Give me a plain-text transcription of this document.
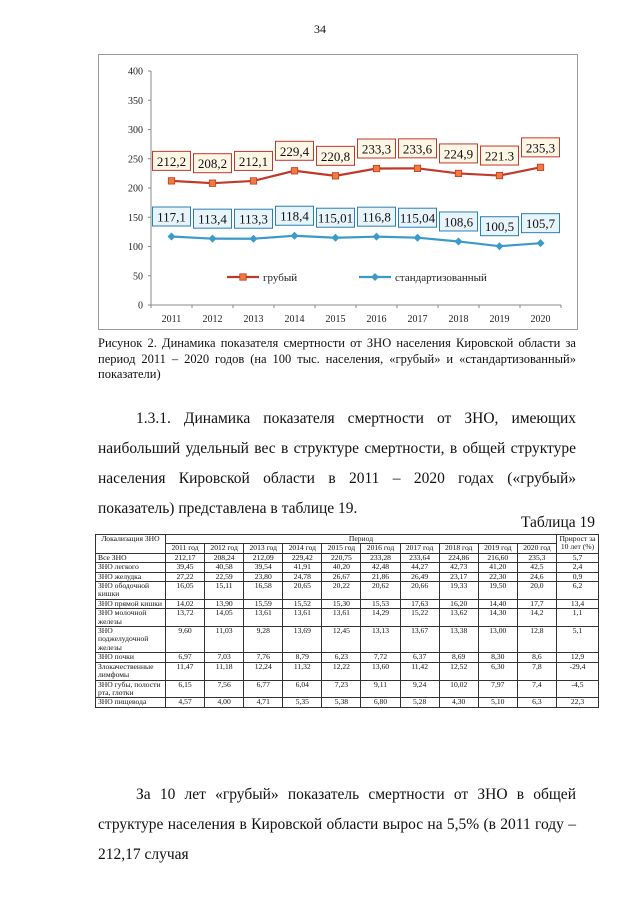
34
0
50
100
150
200
250
300
350
400
2011 2012 2013 2014 2015 2016 2017 2018 2019 2020
212,2 208,2 212,1
229,4 220,8 233,3 233,6 224,9 221.3
235,3
117,1 113,4 113,3 118,4 115,01 116,8 115,04 108,6 100,5 105,7
грубый	стандартизованный
Рисунок 2. Динамика показателя смертности от ЗНО населения Кировской области за период 2011 – 2020 годов (на 100 тыс. населения, «грубый» и «стандартизованный» показатели)
1.3.1. Динамика показателя смертности от ЗНО, имеющих наибольший удельный вес в структуре смертности, в общей структуре населения Кировской области в 2011 – 2020 годах («грубый» показатель) представлена в таблице 19.
Таблица 19
Локализация ЗНО	Период										Прирост за 10 лет (%)
	2011 год	2012 год	2013 год	2014 год	2015 год	2016 год	2017 год	2018 год	2019 год	2020 год	
Все ЗНО	212,17	208,24	212,09	229,42	220,75	233,28	233,64	224,86	216,60	235,3	5,7
ЗНО легкого	39,45	40,58	39,54	41,91	40,20	42,48	44,27	42,73	41,20	42,5	2,4
ЗНО желудка	27,22	22,59	23,80	24,78	26,67	21,86	26,49	23,17	22,30	24,6	0,9
ЗНО ободочной кишки	16,05	15,11	16,58	20,65	20,22	20,62	20,66	19,33	19,50	20,0	6,2
ЗНО прямой кишки	14,02	13,90	15,59	15,52	15,30	15,53	17,63	16,20	14,40	17,7	13,4
ЗНО молочной железы	13,72	14,05	13,61	13,61	13,61	14,29	15,22	13,62	14,30	14,2	1,1
ЗНО поджелудочной железы	9,60	11,03	9,28	13,69	12,45	13,13	13,67	13,38	13,00	12,8	5,1
ЗНО почки	6,97	7,03	7,76	8,79	6,23	7,72	6,37	8,69	8,30	8,6	12,9
Злокачественные лимфомы	11,47	11,18	12,24	11,32	12,22	13,60	11,42	12,52	6,30	7,8	-29,4
ЗНО губы, полости рта, глотки	6,15	7,56	6,77	6,04	7,23	9,11	9,24	10,02	7,97	7,4	-4,5
ЗНО пищевода	4,57	4,00	4,71	5,35	5,38	6,80	5,28	4,30	5,10	6,3	22,3
За 10 лет «грубый» показатель смертности от ЗНО в общей структуре населения в Кировской области вырос на 5,5% (в 2011 году – 212,17 случая
